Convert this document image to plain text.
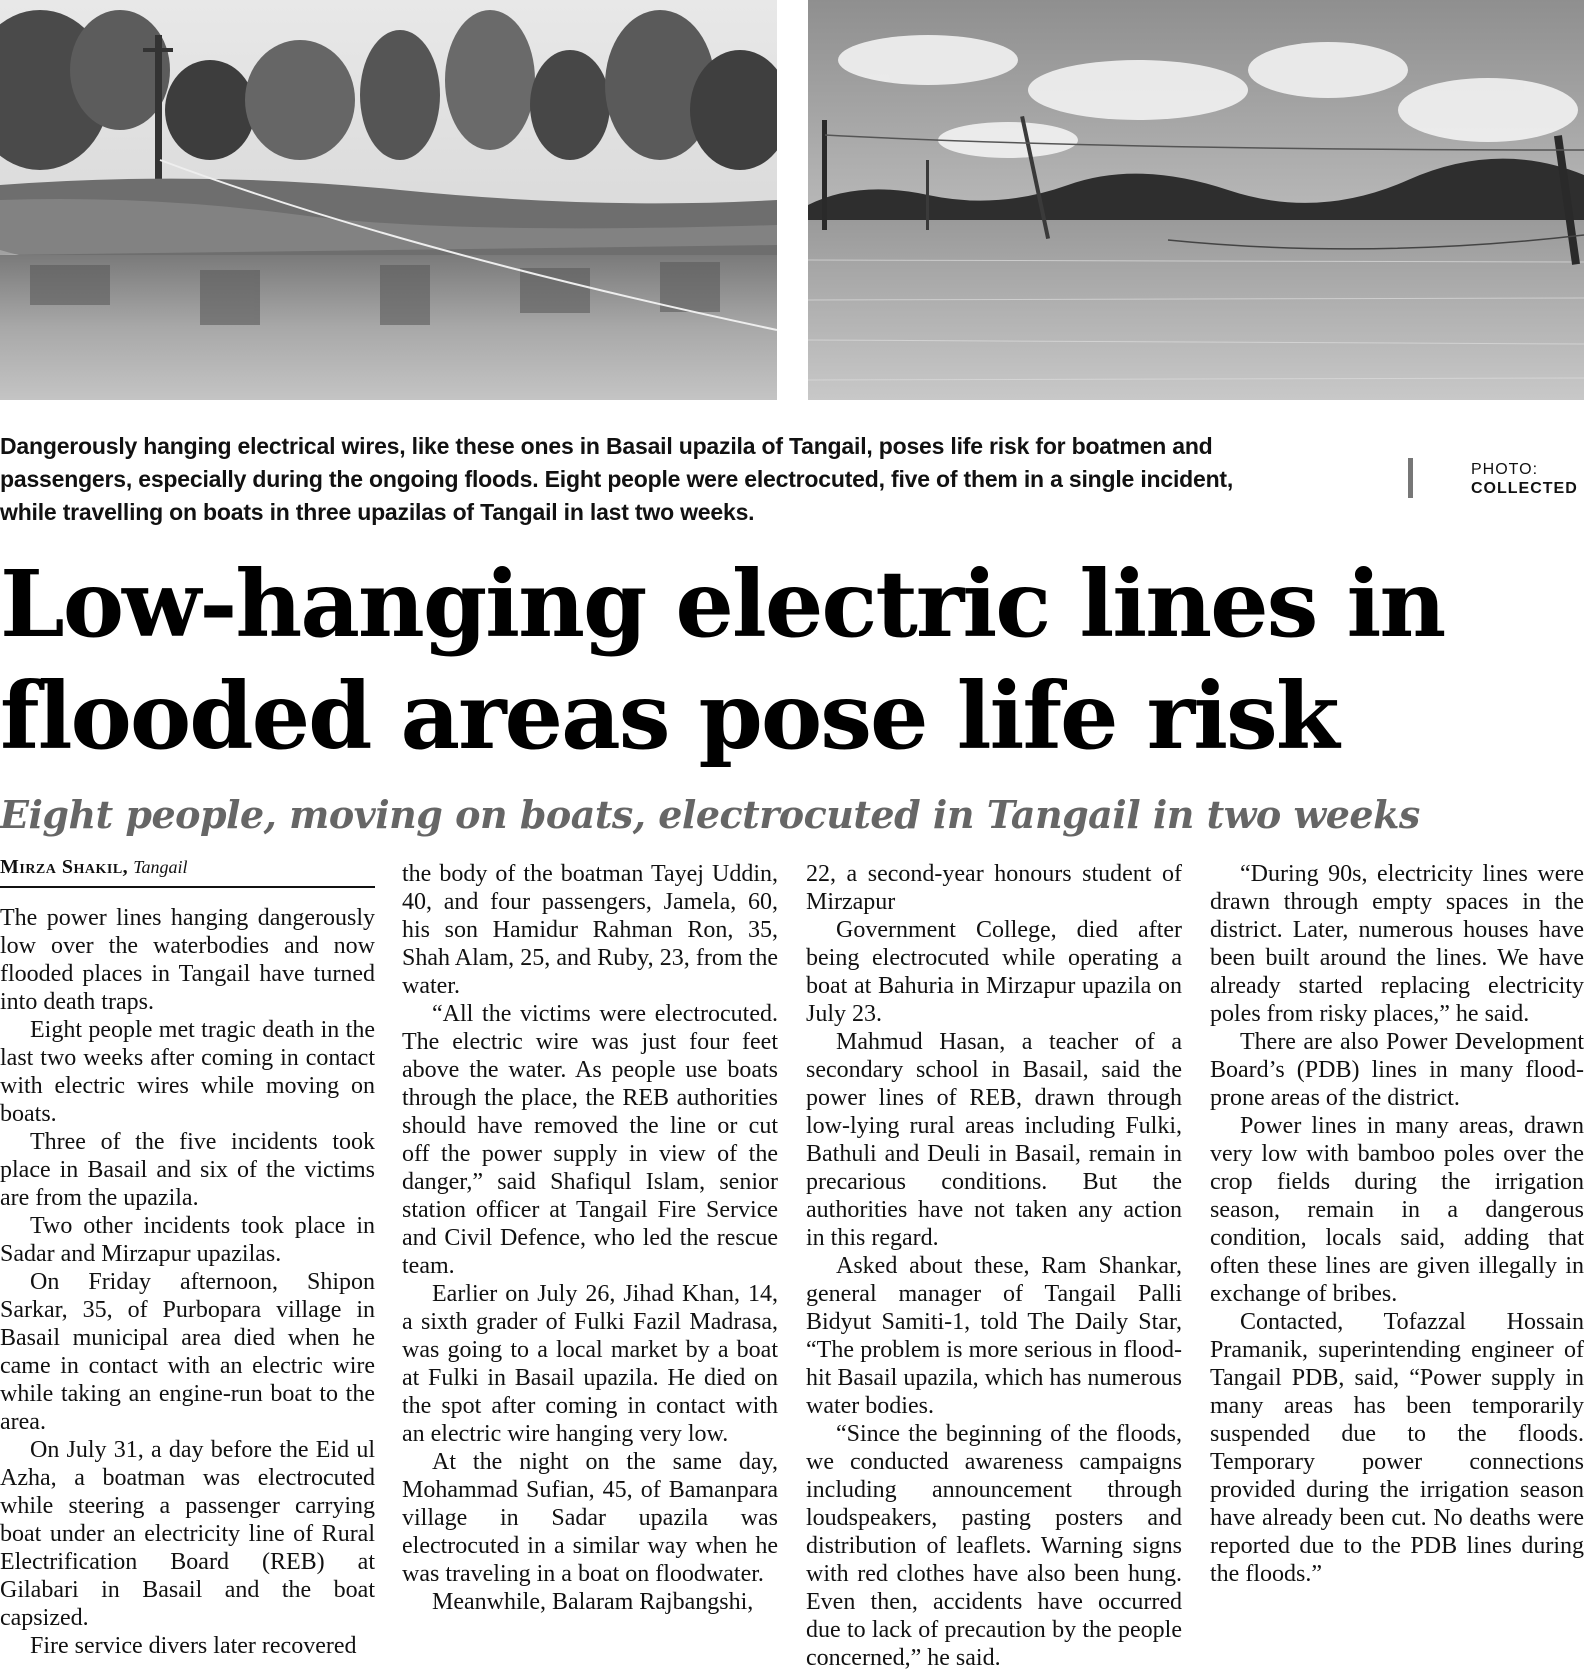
Dangerously hanging electrical wires, like these ones in Basail upazila of Tangail, poses life risk for boatmen and passengers, especially during the ongoing floods. Eight people were electrocuted, five of them in a single incident, while travelling on boats in three upazilas of Tangail in last two weeks.
PHOTO:
COLLECTED
Low-hanging electric lines in flooded areas pose life risk
Eight people, moving on boats, electrocuted in Tangail in two weeks
Mirza Shakil, Tangail

The power lines hanging dangerously low over the waterbodies and now flooded places in Tangail have turned into death traps.

Eight people met tragic death in the last two weeks after coming in contact with electric wires while moving on boats.

Three of the five incidents took place in Basail and six of the victims are from the upazila.

Two other incidents took place in Sadar and Mirzapur upazilas.

On Friday afternoon, Shipon Sarkar, 35, of Purbopara village in Basail municipal area died when he came in contact with an electric wire while taking an engine-run boat to the area.

On July 31, a day before the Eid ul Azha, a boatman was electrocuted while steering a passenger carrying boat under an electricity line of Rural Electrification Board (REB) at Gilabari in Basail and the boat capsized.

Fire service divers later recovered

the body of the boatman Tayej Uddin, 40, and four passengers, Jamela, 60, his son Hamidur Rahman Ron, 35, Shah Alam, 25, and Ruby, 23, from the water.

“All the victims were electrocuted. The electric wire was just four feet above the water. As people use boats through the place, the REB authorities should have removed the line or cut off the power supply in view of the danger,” said Shafiqul Islam, senior station officer at Tangail Fire Service and Civil Defence, who led the rescue team.

Earlier on July 26, Jihad Khan, 14, a sixth grader of Fulki Fazil Madrasa, was going to a local market by a boat at Fulki in Basail upazila. He died on the spot after coming in contact with an electric wire hanging very low.

At the night on the same day, Mohammad Sufian, 45, of Bamanpara village in Sadar upazila was electrocuted in a similar way when he was traveling in a boat on floodwater.

Meanwhile, Balaram Rajbangshi,

22, a second-year honours student of Mirzapur

Government College, died after being electrocuted while operating a boat at Bahuria in Mirzapur upazila on July 23.

Mahmud Hasan, a teacher of a secondary school in Basail, said the power lines of REB, drawn through low-lying rural areas including Fulki, Bathuli and Deuli in Basail, remain in precarious conditions. But the authorities have not taken any action in this regard.

Asked about these, Ram Shankar, general manager of Tangail Palli Bidyut Samiti-1, told The Daily Star, “The problem is more serious in flood-hit Basail upazila, which has numerous water bodies.

“Since the beginning of the floods, we conducted awareness campaigns including announcement through loudspeakers, pasting posters and distribution of leaflets. Warning signs with red clothes have also been hung. Even then, accidents have occurred due to lack of precaution by the people concerned,” he said.

“During 90s, electricity lines were drawn through empty spaces in the district. Later, numerous houses have been built around the lines. We have already started replacing electricity poles from risky places,” he said.

There are also Power Development Board’s (PDB) lines in many flood-prone areas of the district.

Power lines in many areas, drawn very low with bamboo poles over the crop fields during the irrigation season, remain in a dangerous condition, locals said, adding that often these lines are given illegally in exchange of bribes.

Contacted, Tofazzal Hossain Pramanik, superintending engineer of Tangail PDB, said, “Power supply in many areas has been temporarily suspended due to the floods. Temporary power connections provided during the irrigation season have already been cut. No deaths were reported due to the PDB lines during the floods.”
